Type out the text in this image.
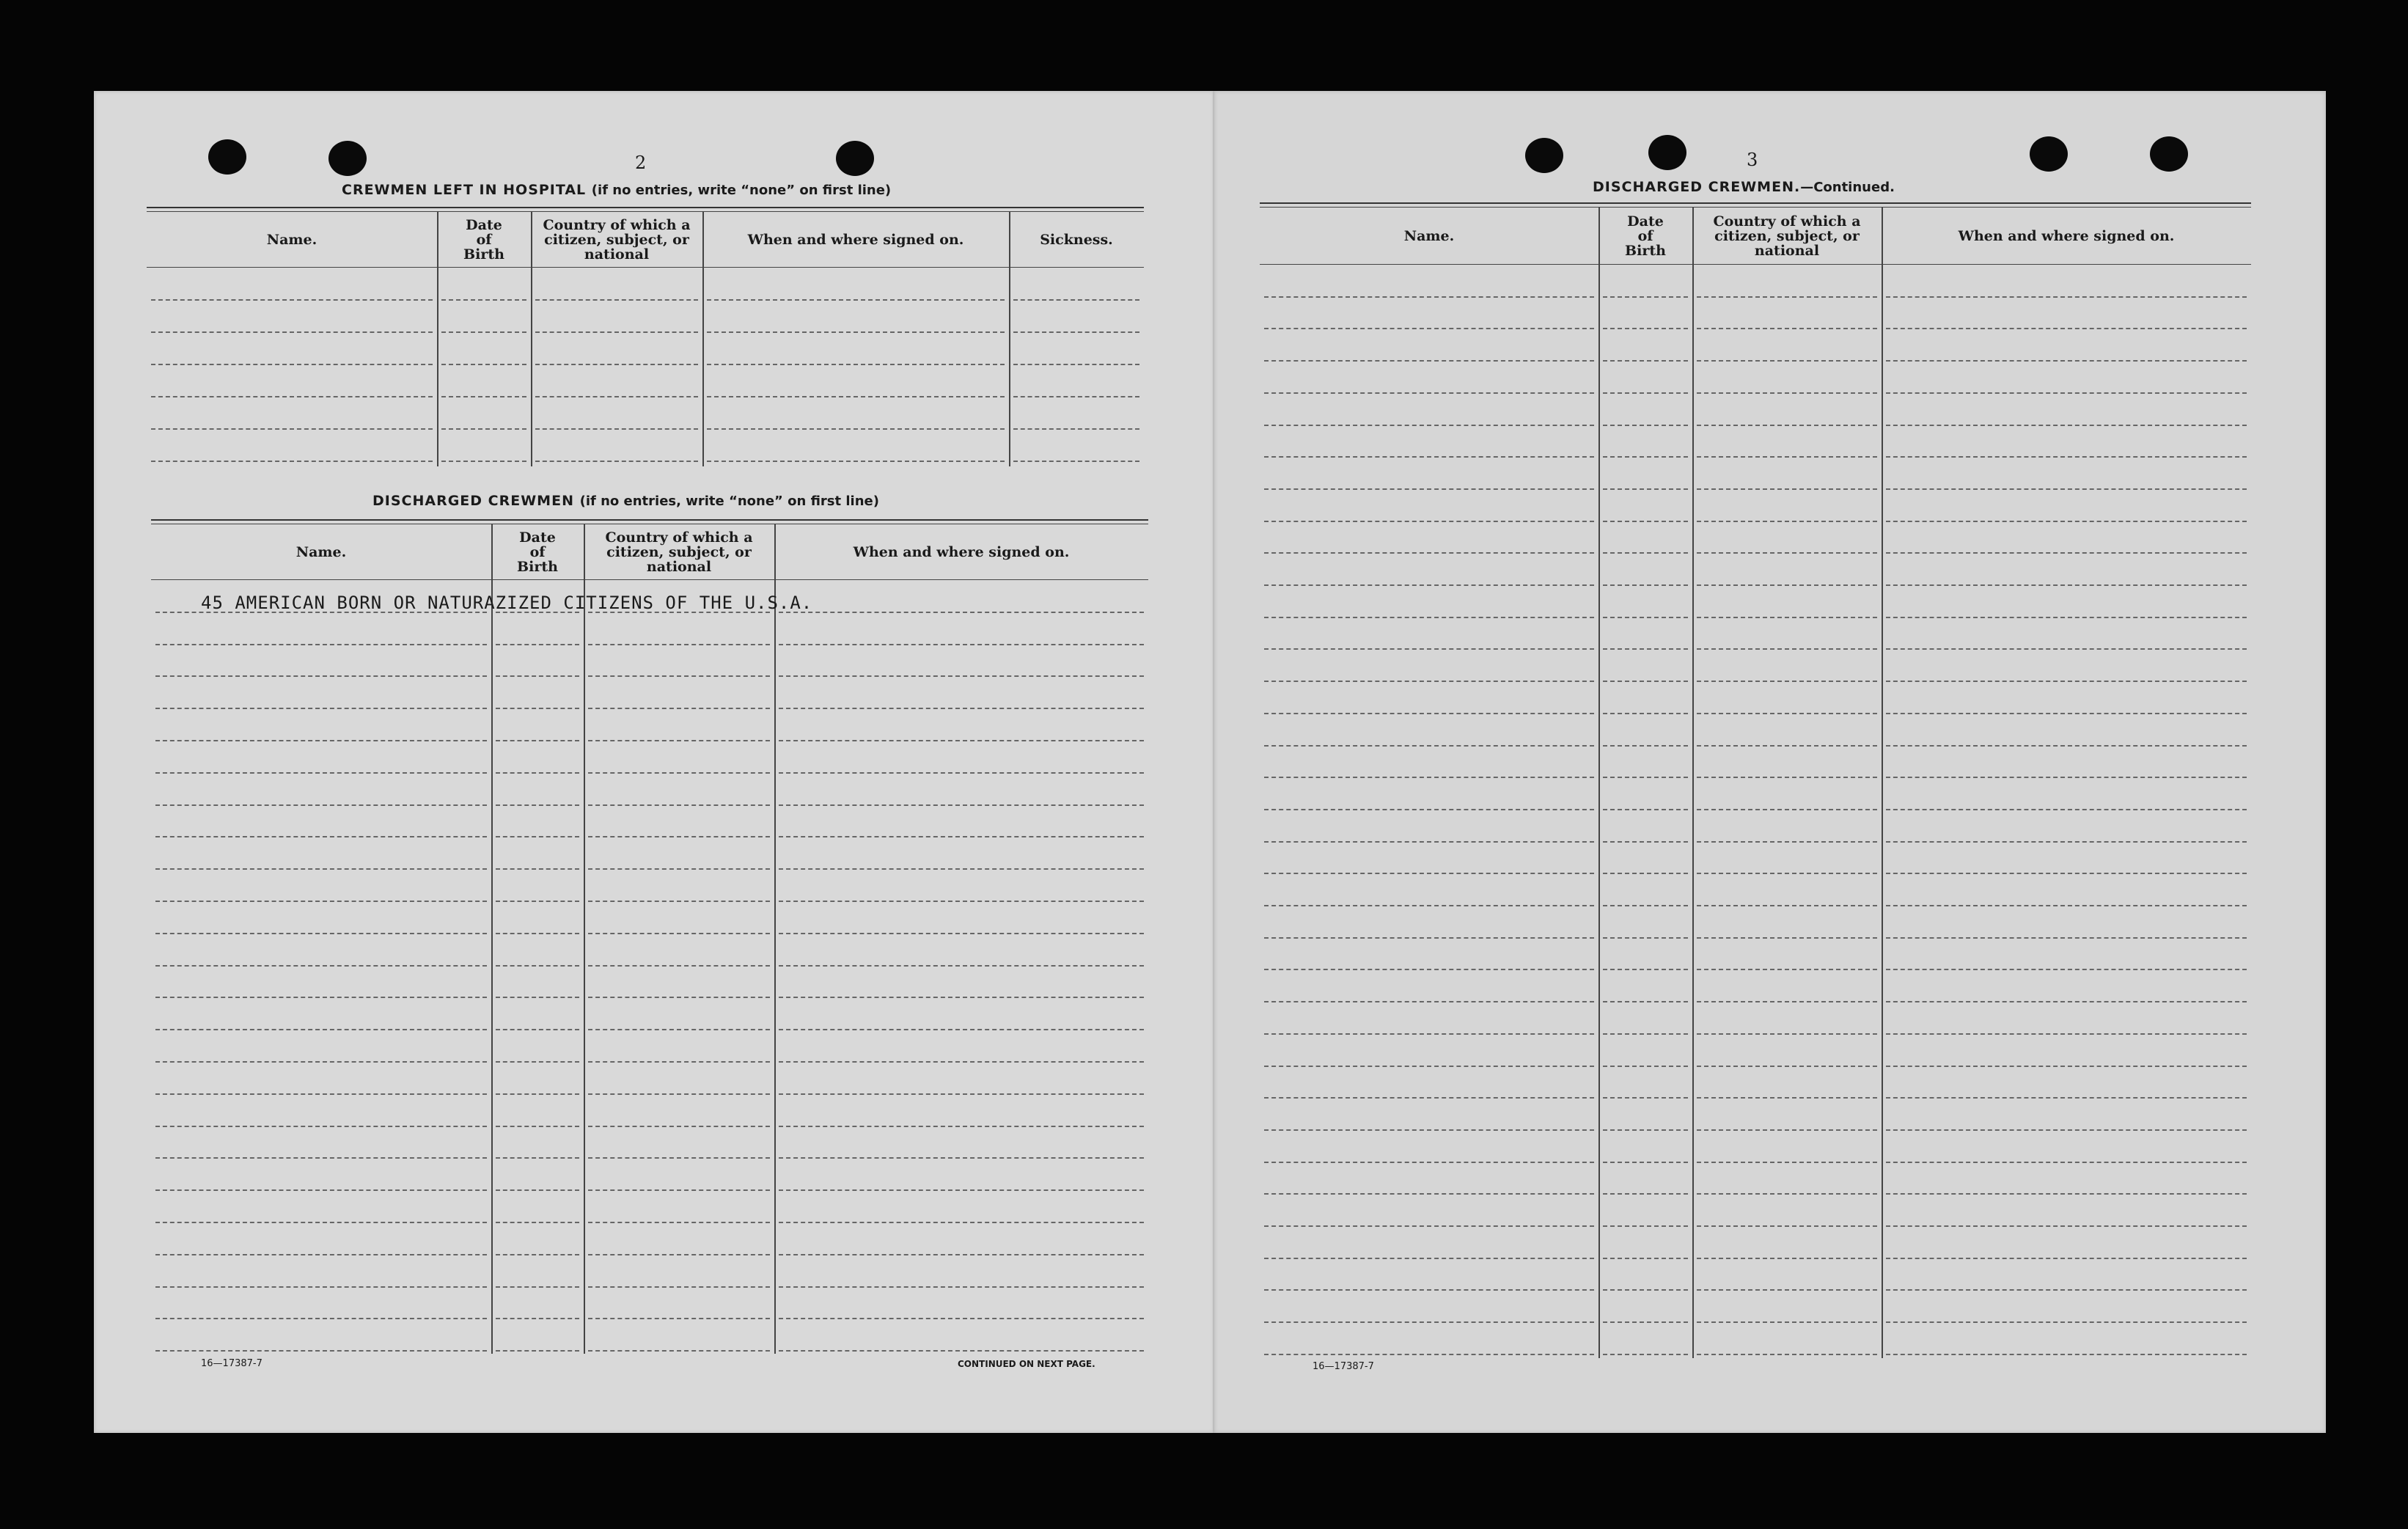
2
CREWMEN LEFT IN HOSPITAL (if no entries, write “none” on first line)
Name.
Date
of
Birth
Country of which a
citizen, subject, or
national
When and where signed on.	Sickness.
DISCHARGED CREWMEN (if no entries, write “none” on first line)
Name.
Date
of
Birth
Country of which a
citizen, subject, or
national
When and where signed on.
45 AMERICAN BORN OR NATURAZIZED CITIZENS OF THE U.S.A.
16—17387-7	CONTINUED ON NEXT PAGE.
3
DISCHARGED CREWMEN.—Continued.
Name.
Date
of
Birth
Country of which a
citizen, subject, or
national
When and where signed on.
16—17387-7
